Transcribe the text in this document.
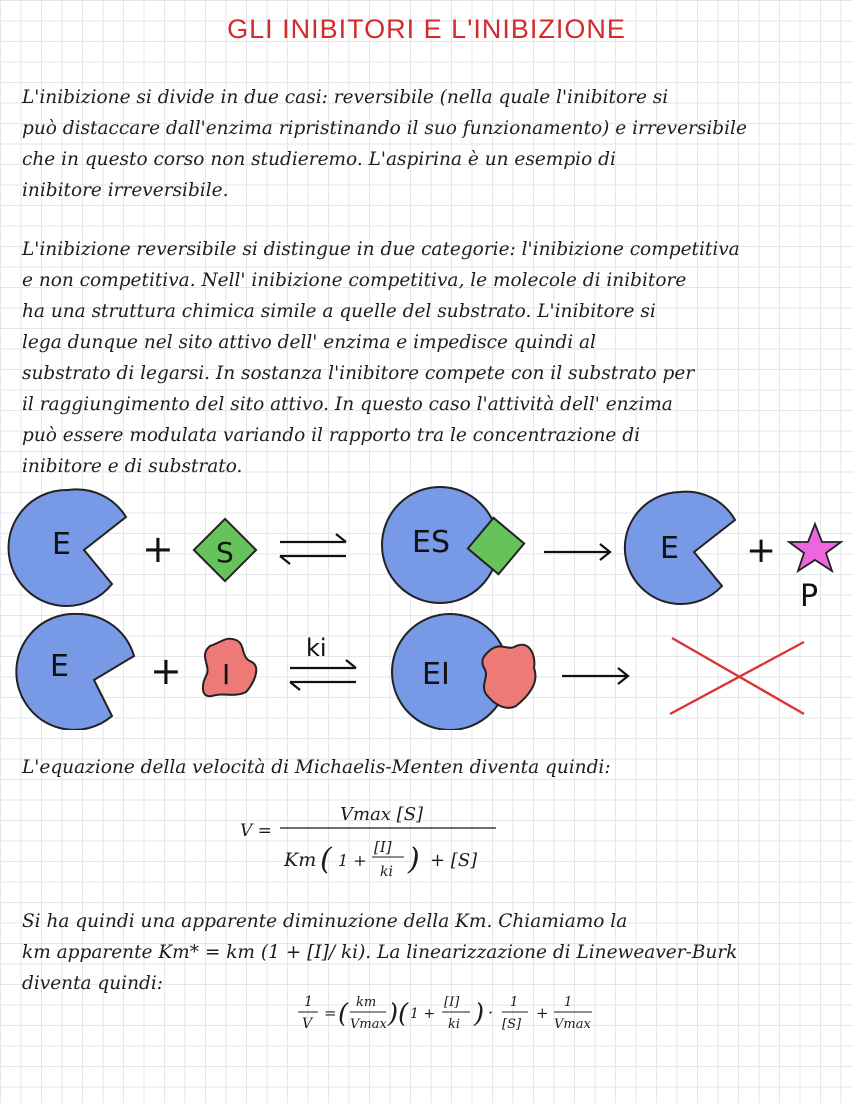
GLI INIBITORI E L'INIBIZIONE
L'inibizione si divide in due casi: reversibile (nella quale l'inibitore si
può distaccare dall'enzima ripristinando il suo funzionamento) e irreversibile
che in questo corso non studieremo. L'aspirina è un esempio di
inibitore irreversibile.
L'inibizione reversibile si distingue in due categorie: l'inibizione competitiva
e non competitiva. Nell' inibizione competitiva, le molecole di inibitore
ha una struttura chimica simile a quelle del substrato. L'inibitore si
lega dunque nel sito attivo dell' enzima e impedisce quindi al
substrato di legarsi. In sostanza l'inibitore compete con il substrato per
il raggiungimento del sito attivo. In questo caso l'attività dell' enzima
può essere modulata variando il rapporto tra le concentrazione di
inibitore e di substrato.
E + S	ES	E +
P
E + I
ki
EI
L'equazione della velocità di Michaelis-Menten diventa quindi:
V =
Vmax [S]
Km ( 1 +
[I]
ki ) + [S]
Si ha quindi una apparente diminuzione della Km. Chiamiamo la
km apparente Km* = km (1 + [I]/ ki). La linearizzazione di Lineweaver-Burk
diventa quindi:
1
V
= ( km
Vmax ) ( 1 +
[I]
ki ) ·
1
[S]
+
1
Vmax
